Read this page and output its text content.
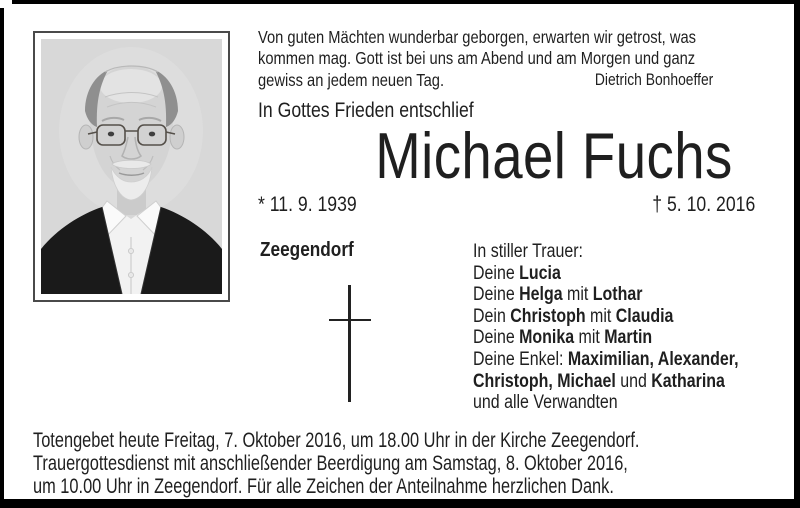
Von guten Mächten wunderbar geborgen, erwarten wir getrost, was
kommen mag. Gott ist bei uns am Abend und am Morgen und ganz
gewiss an jedem neuen Tag.	Dietrich Bonhoeffer
In Gottes Frieden entschlief
Michael Fuchs
* 11. 9. 1939	† 5. 10. 2016
Zeegendorf	In stiller Trauer:
Deine Lucia
Deine Helga mit Lothar
Dein Christoph mit Claudia
Deine Monika mit Martin
Deine Enkel: Maximilian, Alexander,
Christoph, Michael und Katharina
und alle Verwandten
Totengebet heute Freitag, 7. Oktober 2016, um 18.00 Uhr in der Kirche Zeegendorf.
Trauergottesdienst mit anschließender Beerdigung am Samstag, 8. Oktober 2016,
um 10.00 Uhr in Zeegendorf. Für alle Zeichen der Anteilnahme herzlichen Dank.
